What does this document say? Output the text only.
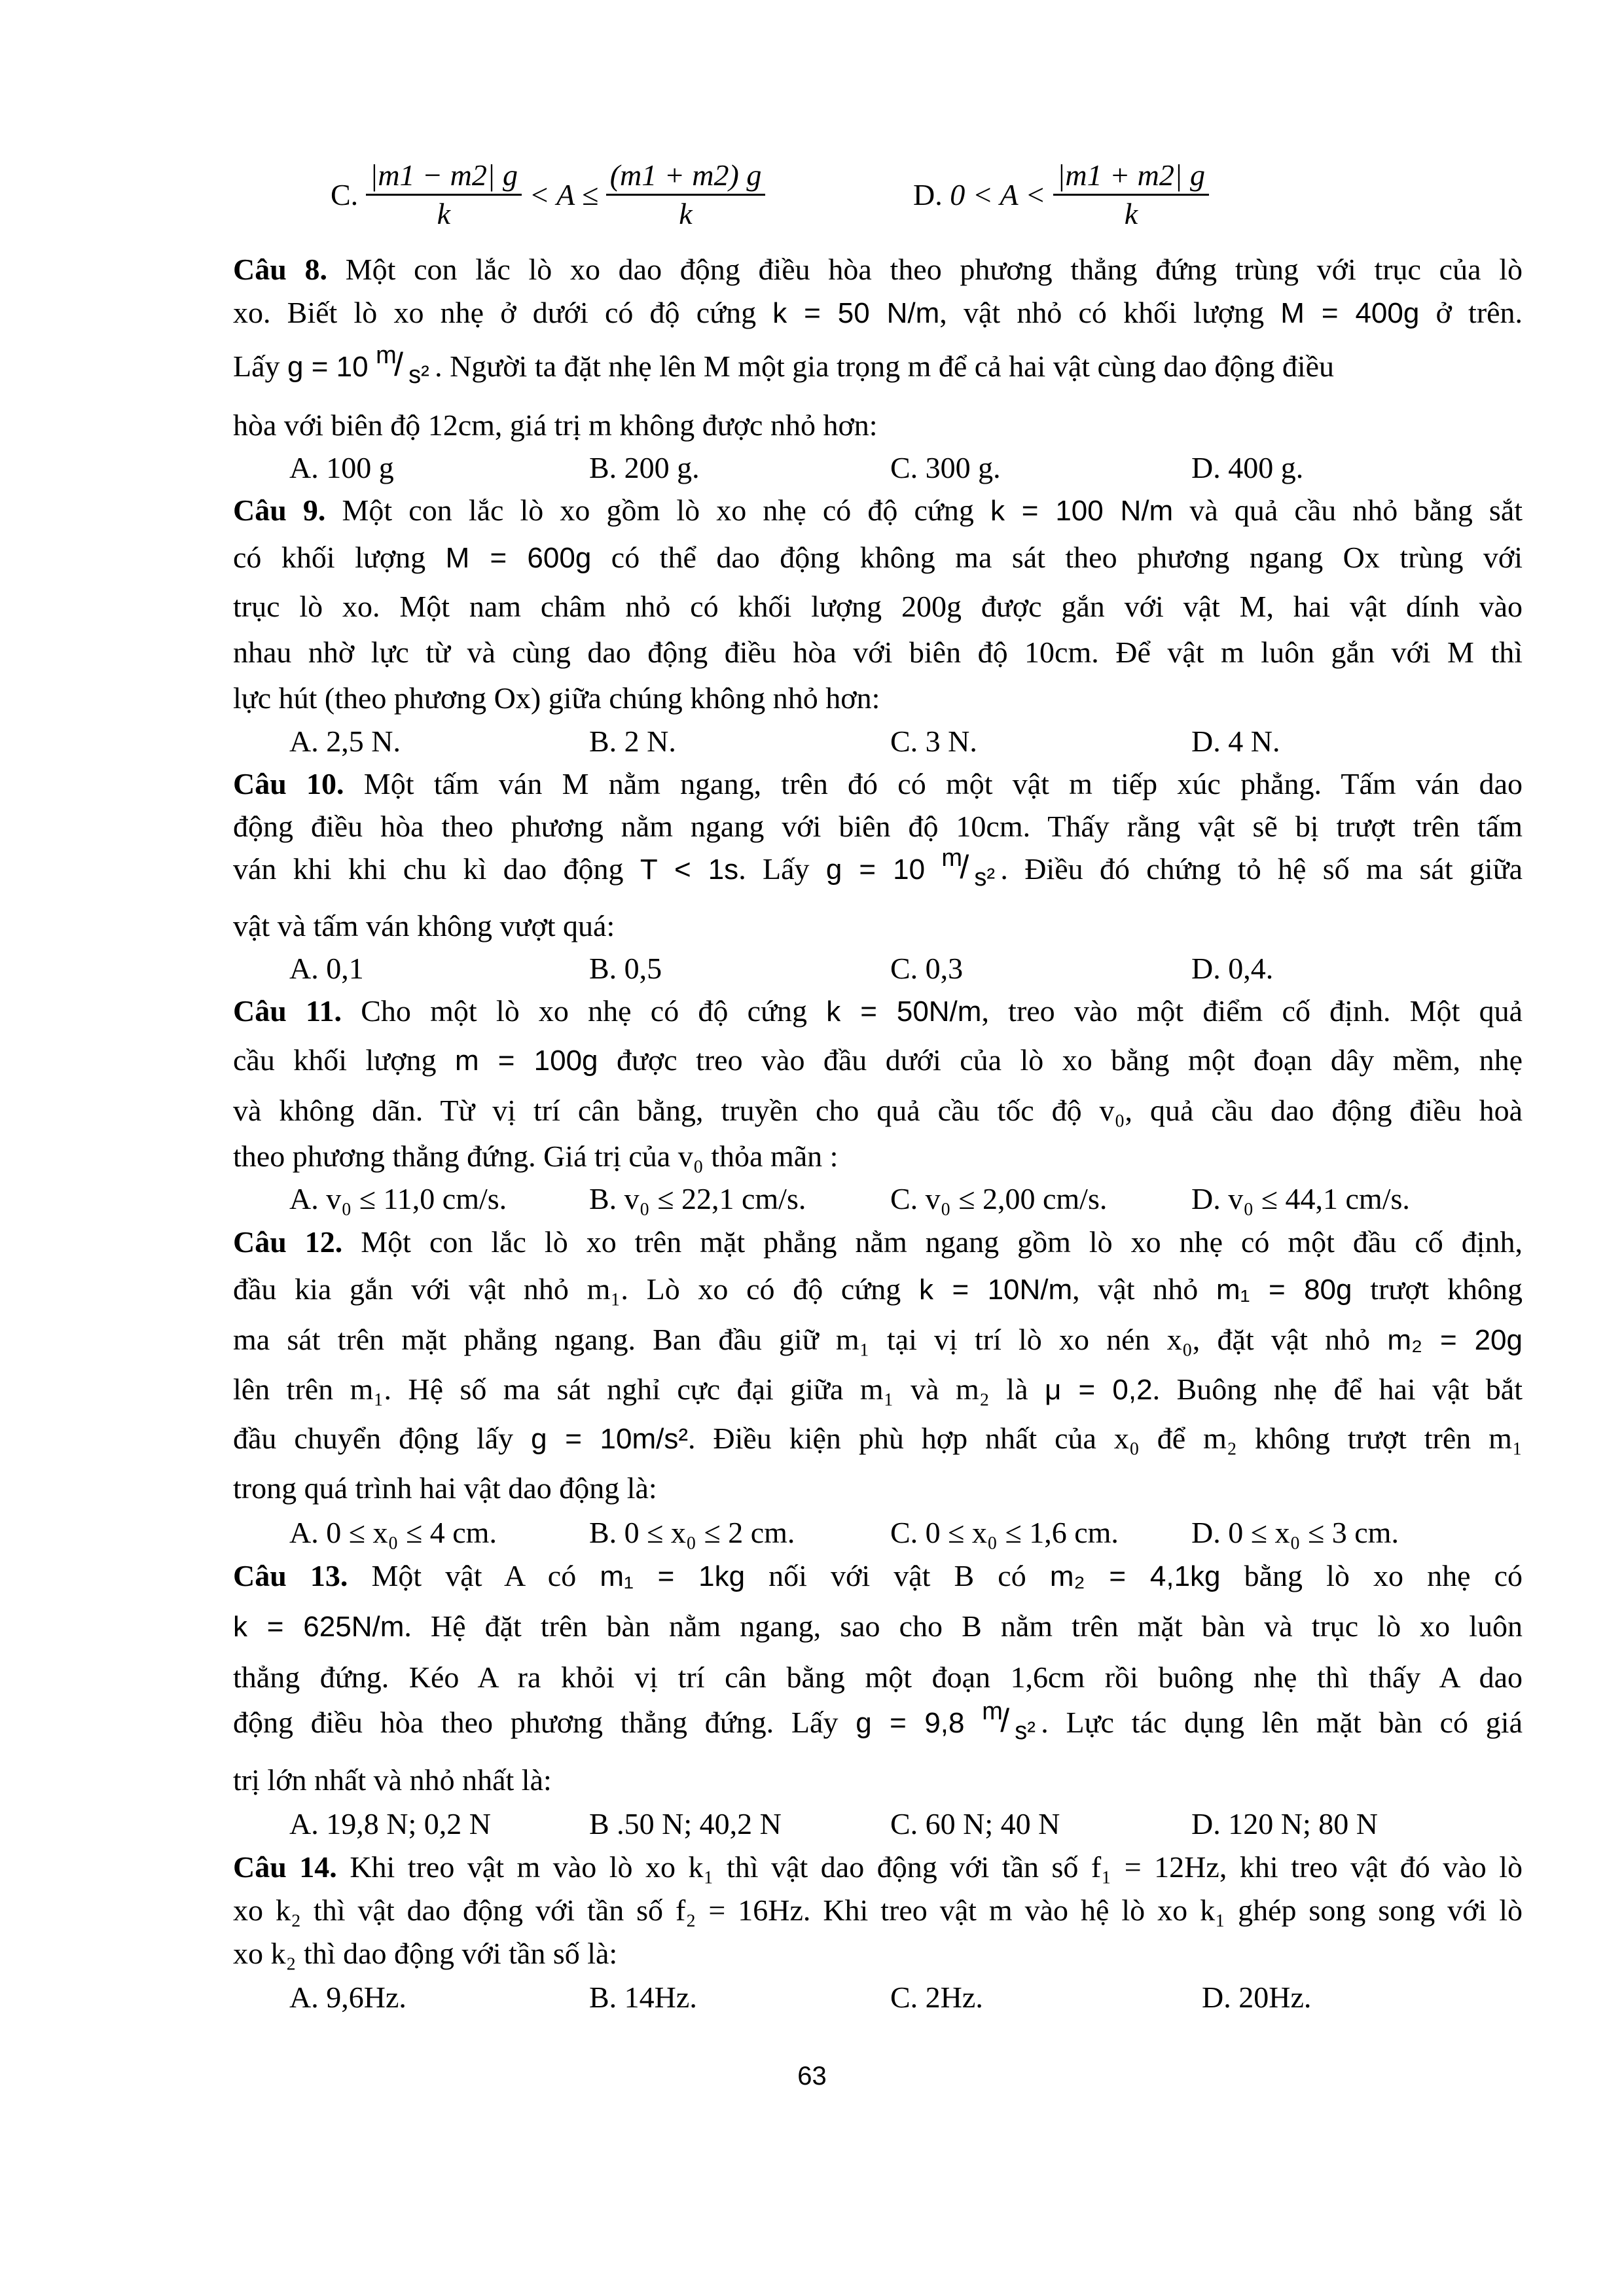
C. $\frac{|m1 - m2| g}{k} < A \le \frac{(m1 + m2) g}{k}$	D. $0 < A < \frac{|m1 + m2| g}{k}$
Câu 8. Một con lắc lò xo dao động điều hòa theo phương thẳng đứng trùng với trục của lò
xo. Biết lò xo nhẹ ở dưới có độ cứng k = 50 N/m, vật nhỏ có khối lượng M = 400g ở trên.
Lấy g = 10 m
/ s² . Người ta đặt nhẹ lên M một gia trọng m để cả hai vật cùng dao động điều
hòa với biên độ 12cm, giá trị m không được nhỏ hơn:
A. 100 g	B. 200 g.	C. 300 g.	D. 400 g.
Câu 9. Một con lắc lò xo gồm lò xo nhẹ có độ cứng k = 100 N/m và quả cầu nhỏ bằng sắt
có khối lượng M = 600g có thể dao động không ma sát theo phương ngang Ox trùng với
trục lò xo. Một nam châm nhỏ có khối lượng 200g được gắn với vật M, hai vật dính vào
nhau nhờ lực từ và cùng dao động điều hòa với biên độ 10cm. Để vật m luôn gắn với M thì
lực hút (theo phương Ox) giữa chúng không nhỏ hơn:
A. 2,5 N.	B. 2 N.	C. 3 N.	D. 4 N.
Câu 10. Một tấm ván M nằm ngang, trên đó có một vật m tiếp xúc phẳng. Tấm ván dao
động điều hòa theo phương nằm ngang với biên độ 10cm. Thấy rằng vật sẽ bị trượt trên tấm
ván khi khi chu kì dao động T < 1s. Lấy g = 10 m
/ s² . Điều đó chứng tỏ hệ số ma sát giữa
vật và tấm ván không vượt quá:
A. 0,1	B. 0,5	C. 0,3	D. 0,4.
Câu 11. Cho một lò xo nhẹ có độ cứng k = 50N/m, treo vào một điểm cố định. Một quả
cầu khối lượng m = 100g được treo vào đầu dưới của lò xo bằng một đoạn dây mềm, nhẹ
và không dãn. Từ vị trí cân bằng, truyền cho quả cầu tốc độ v₀, quả cầu dao động điều hoà
theo phương thẳng đứng. Giá trị của v₀ thỏa mãn :
A. v₀ ≤ 11,0 cm/s.	B. v₀ ≤ 22,1 cm/s.	C. v₀ ≤ 2,00 cm/s.	D. v₀ ≤ 44,1 cm/s.
Câu 12. Một con lắc lò xo trên mặt phẳng nằm ngang gồm lò xo nhẹ có một đầu cố định,
đầu kia gắn với vật nhỏ m₁. Lò xo có độ cứng k = 10N/m, vật nhỏ m₁ = 80g trượt không
ma sát trên mặt phẳng ngang. Ban đầu giữ m₁ tại vị trí lò xo nén x₀, đặt vật nhỏ m₂ = 20g
lên trên m₁. Hệ số ma sát nghỉ cực đại giữa m₁ và m₂ là μ = 0,2. Buông nhẹ để hai vật bắt
đầu chuyển động lấy g = 10m/s². Điều kiện phù hợp nhất của x₀ để m₂ không trượt trên m₁
trong quá trình hai vật dao động là:
A. 0 ≤ x₀ ≤ 4 cm.	B. 0 ≤ x₀ ≤ 2 cm.	C. 0 ≤ x₀ ≤ 1,6 cm. D. 0 ≤ x₀ ≤ 3 cm.
Câu 13. Một vật A có m₁ = 1kg nối với vật B có m₂ = 4,1kg bằng lò xo nhẹ có
k = 625N/m. Hệ đặt trên bàn nằm ngang, sao cho B nằm trên mặt bàn và trục lò xo luôn
thẳng đứng. Kéo A ra khỏi vị trí cân bằng một đoạn 1,6cm rồi buông nhẹ thì thấy A dao
động điều hòa theo phương thẳng đứng. Lấy g = 9,8 m
/ s² . Lực tác dụng lên mặt bàn có giá
trị lớn nhất và nhỏ nhất là:
A. 19,8 N; 0,2 N	B .50 N; 40,2 N	C. 60 N; 40 N	D. 120 N; 80 N
Câu 14. Khi treo vật m vào lò xo k₁ thì vật dao động với tần số f₁ = 12Hz, khi treo vật đó vào lò
xo k₂ thì vật dao động với tần số f₂ = 16Hz. Khi treo vật m vào hệ lò xo k₁ ghép song song với lò
xo k₂ thì dao động với tần số là:
A. 9,6Hz.	B. 14Hz.	C. 2Hz.	D. 20Hz.
63
